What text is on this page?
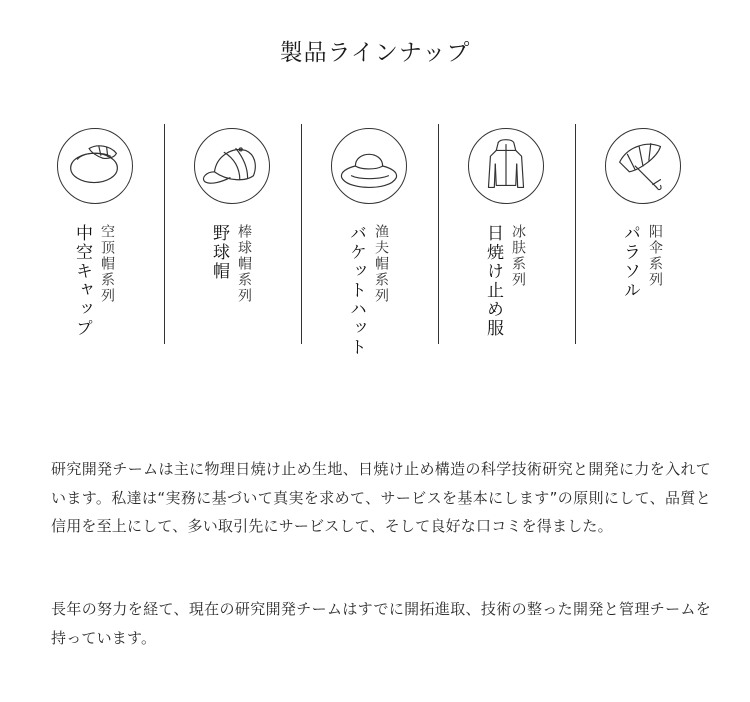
製品ラインナップ
中空キャップ 空顶帽系列	野球帽 棒球帽系列	バケットハット 渔夫帽系列	日焼け止め服 冰肤系列	パラソル 阳伞系列
研究開発チームは主に物理日焼け止め生地、日焼け止め構造の科学技術研究と開発に力を入れています。私達は“実務に基づいて真実を求めて、サービスを基本にします”の原則にして、品質と信用を至上にして、多い取引先にサービスして、そして良好な口コミを得ました。
長年の努力を経て、現在の研究開発チームはすでに開拓進取、技術の整った開発と管理チームを持っています。
